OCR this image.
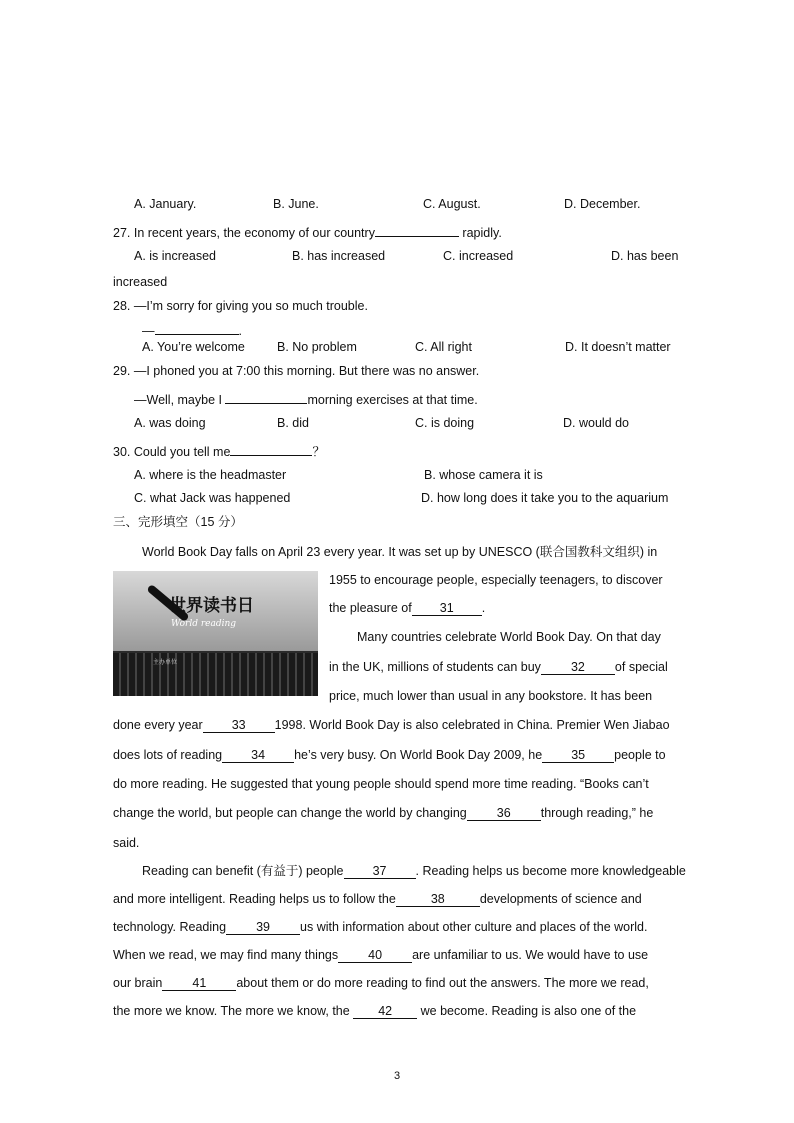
A. January.	B. June.	C. August.	D. December.
27. In recent years, the economy of our country	rapidly.
A. is increased	B. has increased	C. increased	D. has been
increased
28. —I’m sorry for giving you so much trouble.
—	.
A. You’re welcome	B. No problem	C. All right	D. It doesn’t matter
29. —I phoned you at 7:00 this morning. But there was no answer.
—Well, maybe I	morning exercises at that time.
A. was doing	B. did	C. is doing	D. would do
30. Could you tell me	？
A. where is the headmaster	B. whose camera it is
C. what Jack was happened	D. how long does it take you to the aquarium
三、完形填空（15 分）
World Book Day falls on April 23 every year. It was set up by UNESCO (联合国教科文组织) in
世界读书日
World reading
主办单位
1955 to encourage people, especially teenagers, to discover
the pleasure of 31 .
Many countries celebrate World Book Day. On that day
in the UK, millions of students can buy 32 of special
price, much lower than usual in any bookstore. It has been
done every year 33 1998. World Book Day is also celebrated in China. Premier Wen Jiabao
does lots of reading 34 he’s very busy. On World Book Day 2009, he 35 people to
do more reading. He suggested that young people should spend more time reading. “Books can’t
change the world, but people can change the world by changing 36 through reading,” he
said.
Reading can benefit (有益于) people 37 . Reading helps us become more knowledgeable
and more intelligent. Reading helps us to follow the	38	developments of science and
technology. Reading 39 us with information about other culture and places of the world.
When we read, we may find many things 40 are unfamiliar to us. We would have to use
our brain 41 about them or do more reading to find out the answers. The more we read,
the more we know. The more we know, the 42 we become. Reading is also one of the
3
